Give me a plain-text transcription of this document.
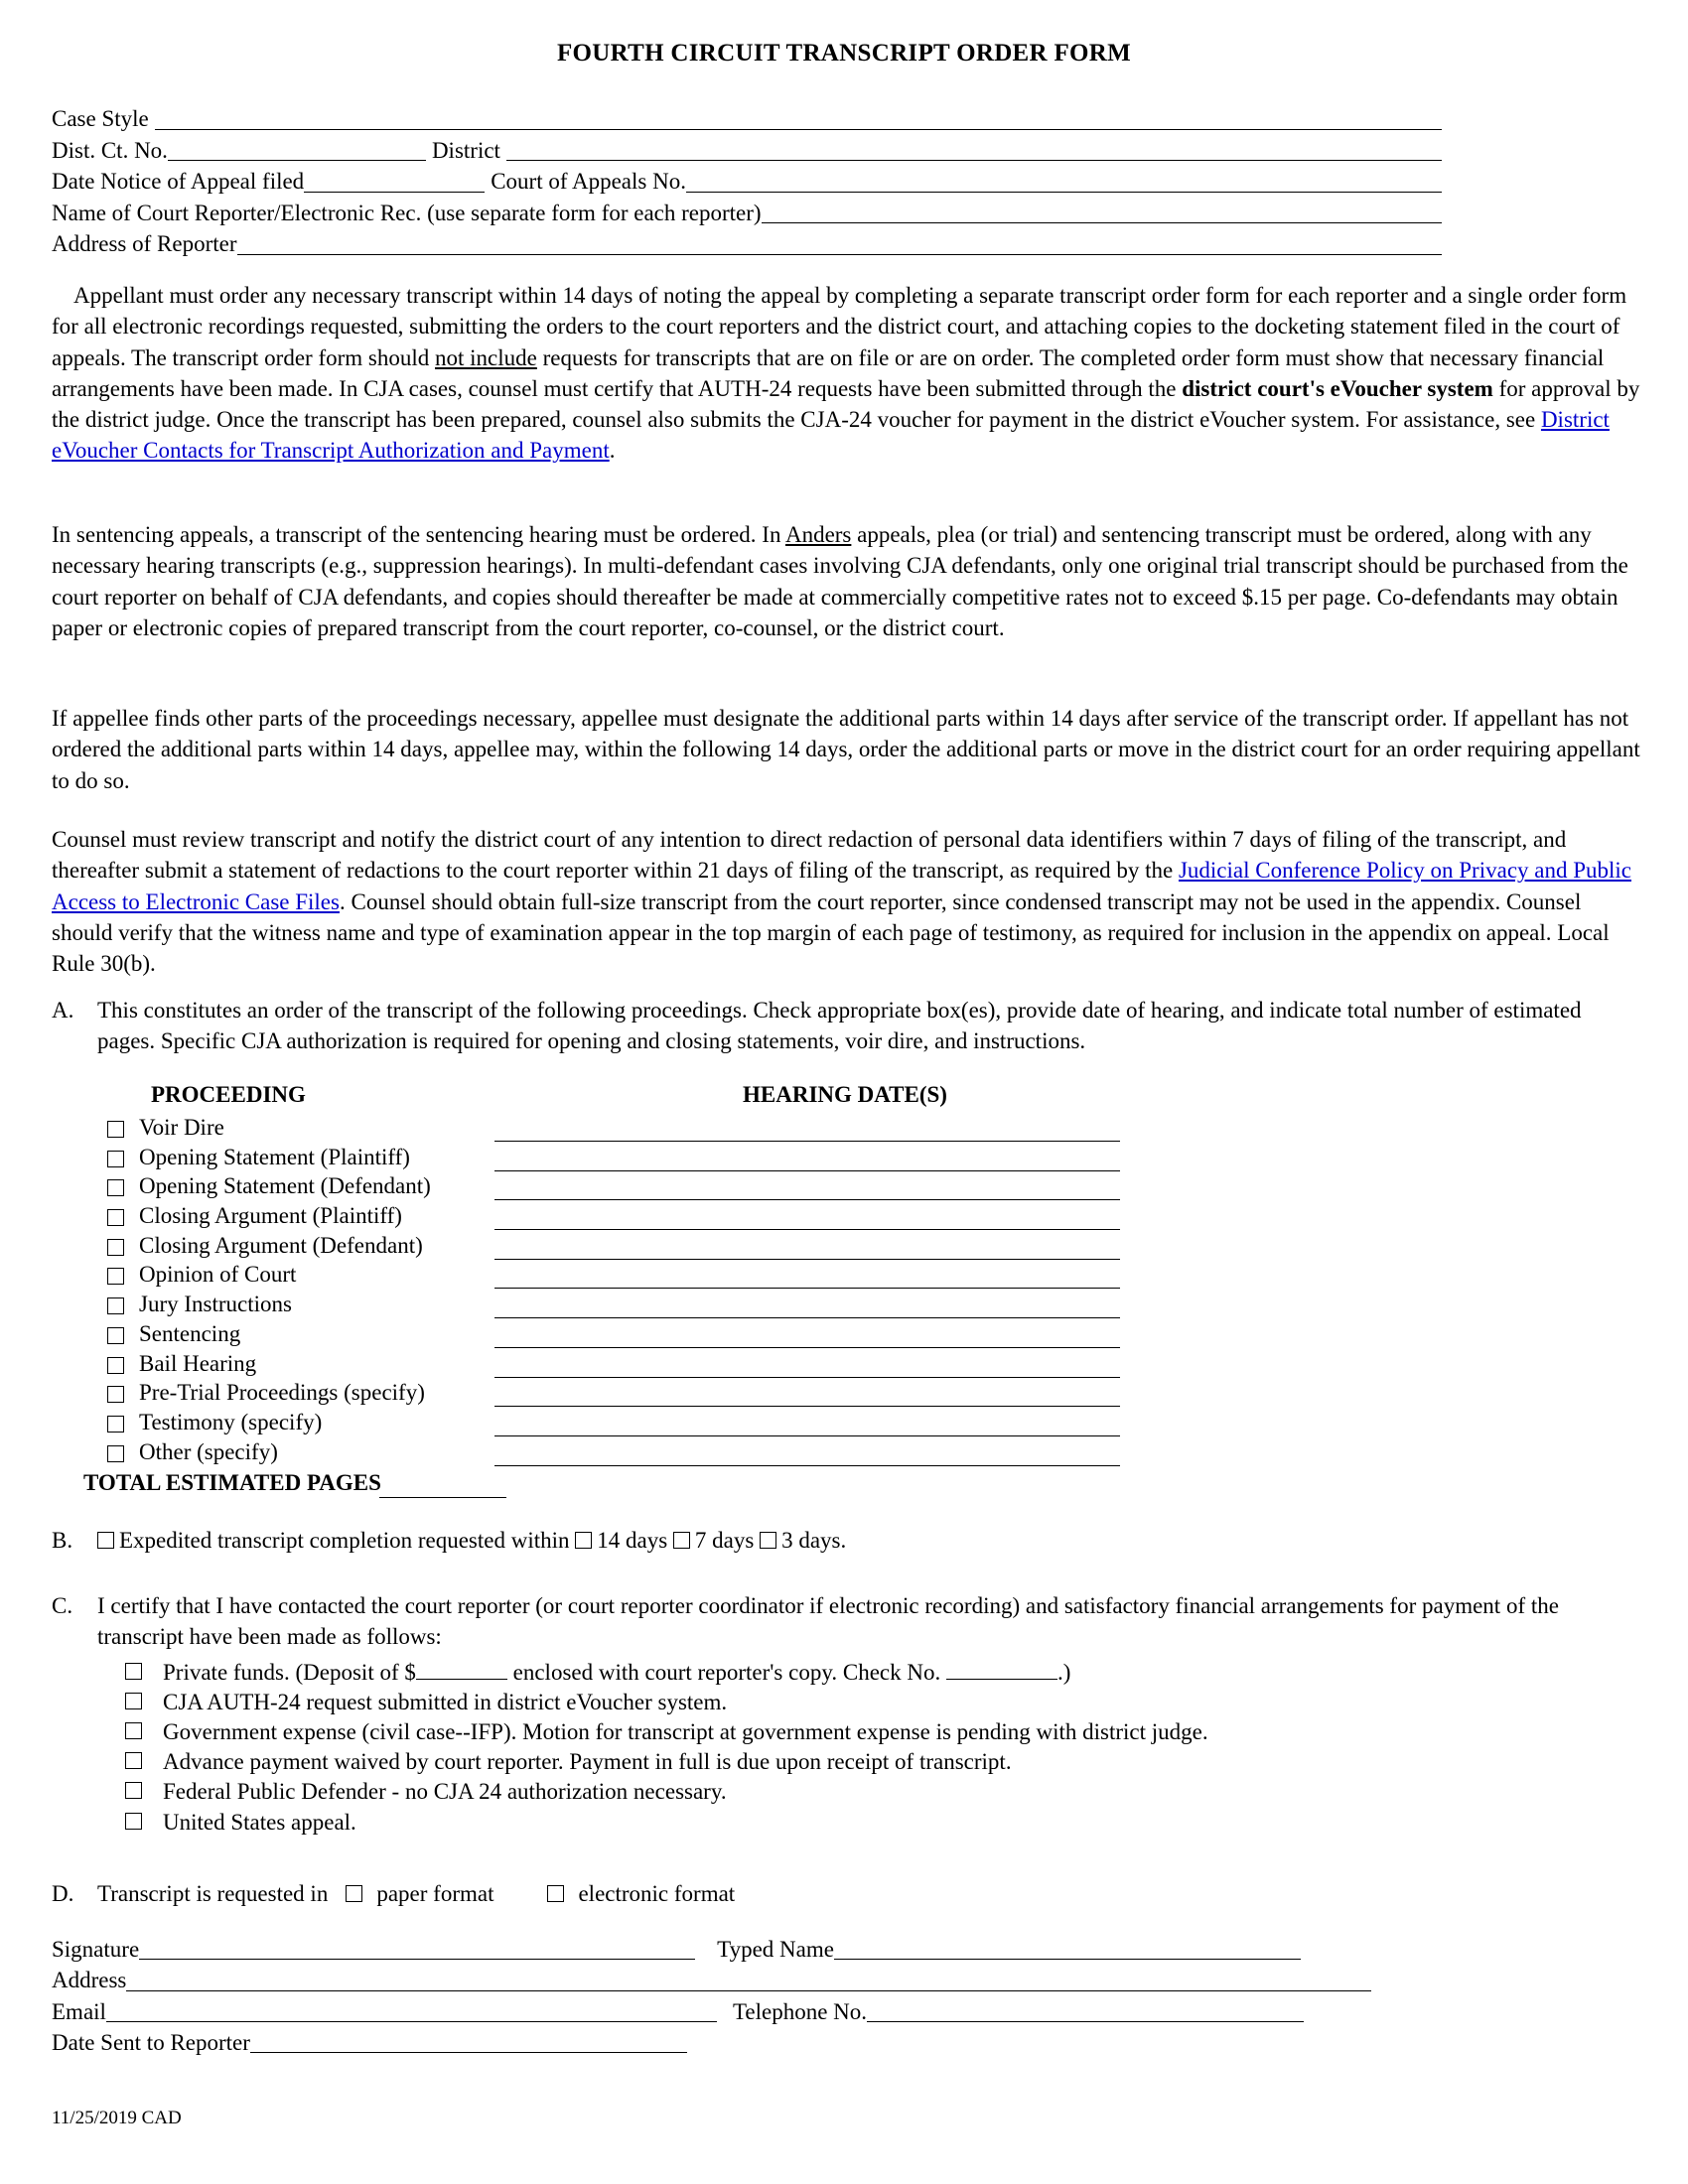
FOURTH CIRCUIT TRANSCRIPT ORDER FORM
Case Style
Dist. Ct. No.	District
Date Notice of Appeal filed	Court of Appeals No.
Name of Court Reporter/Electronic Rec. (use separate form for each reporter)
Address of Reporter
Appellant must order any necessary transcript within 14 days of noting the appeal by completing a separate transcript order form for each reporter and a single order form for all electronic recordings requested, submitting the orders to the court reporters and the district court, and attaching copies to the docketing statement filed in the court of appeals. The transcript order form should not include requests for transcripts that are on file or are on order. The completed order form must show that necessary financial arrangements have been made. In CJA cases, counsel must certify that AUTH-24 requests have been submitted through the district court's eVoucher system for approval by the district judge. Once the transcript has been prepared, counsel also submits the CJA-24 voucher for payment in the district eVoucher system. For assistance, see District eVoucher Contacts for Transcript Authorization and Payment.
In sentencing appeals, a transcript of the sentencing hearing must be ordered. In Anders appeals, plea (or trial) and sentencing transcript must be ordered, along with any necessary hearing transcripts (e.g., suppression hearings). In multi-defendant cases involving CJA defendants, only one original trial transcript should be purchased from the court reporter on behalf of CJA defendants, and copies should thereafter be made at commercially competitive rates not to exceed $.15 per page. Co-defendants may obtain paper or electronic copies of prepared transcript from the court reporter, co-counsel, or the district court.
If appellee finds other parts of the proceedings necessary, appellee must designate the additional parts within 14 days after service of the transcript order. If appellant has not ordered the additional parts within 14 days, appellee may, within the following 14 days, order the additional parts or move in the district court for an order requiring appellant to do so.
Counsel must review transcript and notify the district court of any intention to direct redaction of personal data identifiers within 7 days of filing of the transcript, and thereafter submit a statement of redactions to the court reporter within 21 days of filing of the transcript, as required by the Judicial Conference Policy on Privacy and Public Access to Electronic Case Files. Counsel should obtain full-size transcript from the court reporter, since condensed transcript may not be used in the appendix. Counsel should verify that the witness name and type of examination appear in the top margin of each page of testimony, as required for inclusion in the appendix on appeal. Local Rule 30(b).
A.	This constitutes an order of the transcript of the following proceedings. Check appropriate box(es), provide date of hearing, and indicate total number of estimated pages. Specific CJA authorization is required for opening and closing statements, voir dire, and instructions.
PROCEEDING	HEARING DATE(S)
Voir Dire
Opening Statement (Plaintiff)
Opening Statement (Defendant)
Closing Argument (Plaintiff)
Closing Argument (Defendant)
Opinion of Court
Jury Instructions
Sentencing
Bail Hearing
Pre-Trial Proceedings (specify)
Testimony (specify)
Other (specify)
TOTAL ESTIMATED PAGES
B.	Expedited transcript completion requested within 14 days 7 days 3 days.
C.	I certify that I have contacted the court reporter (or court reporter coordinator if electronic recording) and satisfactory financial arrangements for payment of the transcript have been made as follows:
Private funds. (Deposit of $	enclosed with court reporter's copy. Check No.	.)
CJA AUTH-24 request submitted in district eVoucher system.
Government expense (civil case--IFP). Motion for transcript at government expense is pending with district judge.
Advance payment waived by court reporter. Payment in full is due upon receipt of transcript.
Federal Public Defender - no CJA 24 authorization necessary.
United States appeal.
D.	Transcript is requested in paper format	electronic format
Signature	Typed Name
Address
Email	Telephone No.
Date Sent to Reporter
11/25/2019 CAD
